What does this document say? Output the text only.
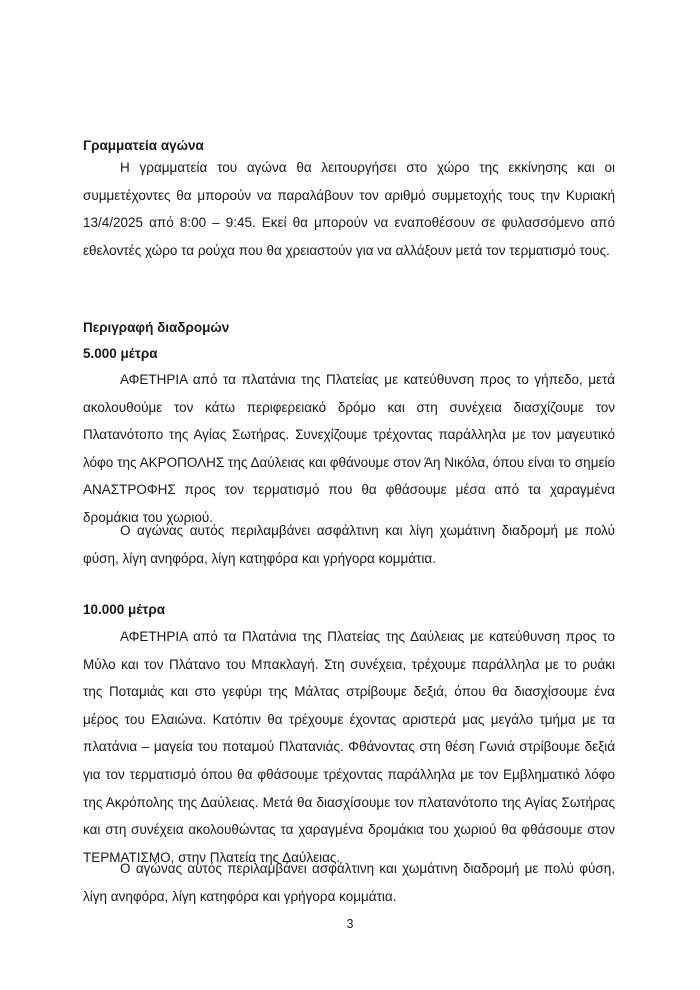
Γραμματεία αγώνα

Η γραμματεία του αγώνα θα λειτουργήσει στο χώρο της εκκίνησης και οι συμμετέχοντες θα μπορούν να παραλάβουν τον αριθμό συμμετοχής τους την Κυριακή 13/4/2025 από 8:00 – 9:45. Εκεί θα μπορούν να εναποθέσουν σε φυλασσόμενο από εθελοντές χώρο τα ρούχα που θα χρειαστούν για να αλλάξουν μετά τον τερματισμό τους.

Περιγραφή διαδρομών
5.000 μέτρα

ΑΦΕΤΗΡΙΑ από τα πλατάνια της Πλατείας με κατεύθυνση προς το γήπεδο, μετά ακολουθούμε τον κάτω περιφερειακό δρόμο και στη συνέχεια διασχίζουμε τον Πλατανότοπο της Αγίας Σωτήρας. Συνεχίζουμε τρέχοντας παράλληλα με τον μαγευτικό λόφο της ΑΚΡΟΠΟΛΗΣ της Δαύλειας και φθάνουμε στον Άη Νικόλα, όπου είναι το σημείο ΑΝΑΣΤΡΟΦΗΣ προς τον τερματισμό που θα φθάσουμε μέσα από τα χαραγμένα δρομάκια του χωριού.

Ο αγώνας αυτός περιλαμβάνει ασφάλτινη και λίγη χωμάτινη διαδρομή με πολύ φύση, λίγη ανηφόρα, λίγη κατηφόρα και γρήγορα κομμάτια.

10.000 μέτρα

ΑΦΕΤΗΡΙΑ από τα Πλατάνια της Πλατείας της Δαύλειας με κατεύθυνση προς το Μύλο και τον Πλάτανο του Μπακλαγή. Στη συνέχεια, τρέχουμε παράλληλα με το ρυάκι της Ποταμιάς και στο γεφύρι της Μάλτας στρίβουμε δεξιά, όπου θα διασχίσουμε ένα μέρος του Ελαιώνα. Κατόπιν θα τρέχουμε έχοντας αριστερά μας μεγάλο τμήμα με τα πλατάνια – μαγεία του ποταμού Πλατανιάς. Φθάνοντας στη θέση Γωνιά στρίβουμε δεξιά για τον τερματισμό όπου θα φθάσουμε τρέχοντας παράλληλα με τον Εμβληματικό λόφο της Ακρόπολης της Δαύλειας. Μετά θα διασχίσουμε τον πλατανότοπο της Αγίας Σωτήρας και στη συνέχεια ακολουθώντας τα χαραγμένα δρομάκια του χωριού θα φθάσουμε στον ΤΕΡΜΑΤΙΣΜΟ, στην Πλατεία της Δαύλειας.

Ο αγώνας αυτός περιλαμβάνει ασφάλτινη και χωμάτινη διαδρομή με πολύ φύση, λίγη ανηφόρα, λίγη κατηφόρα και γρήγορα κομμάτια.

3
